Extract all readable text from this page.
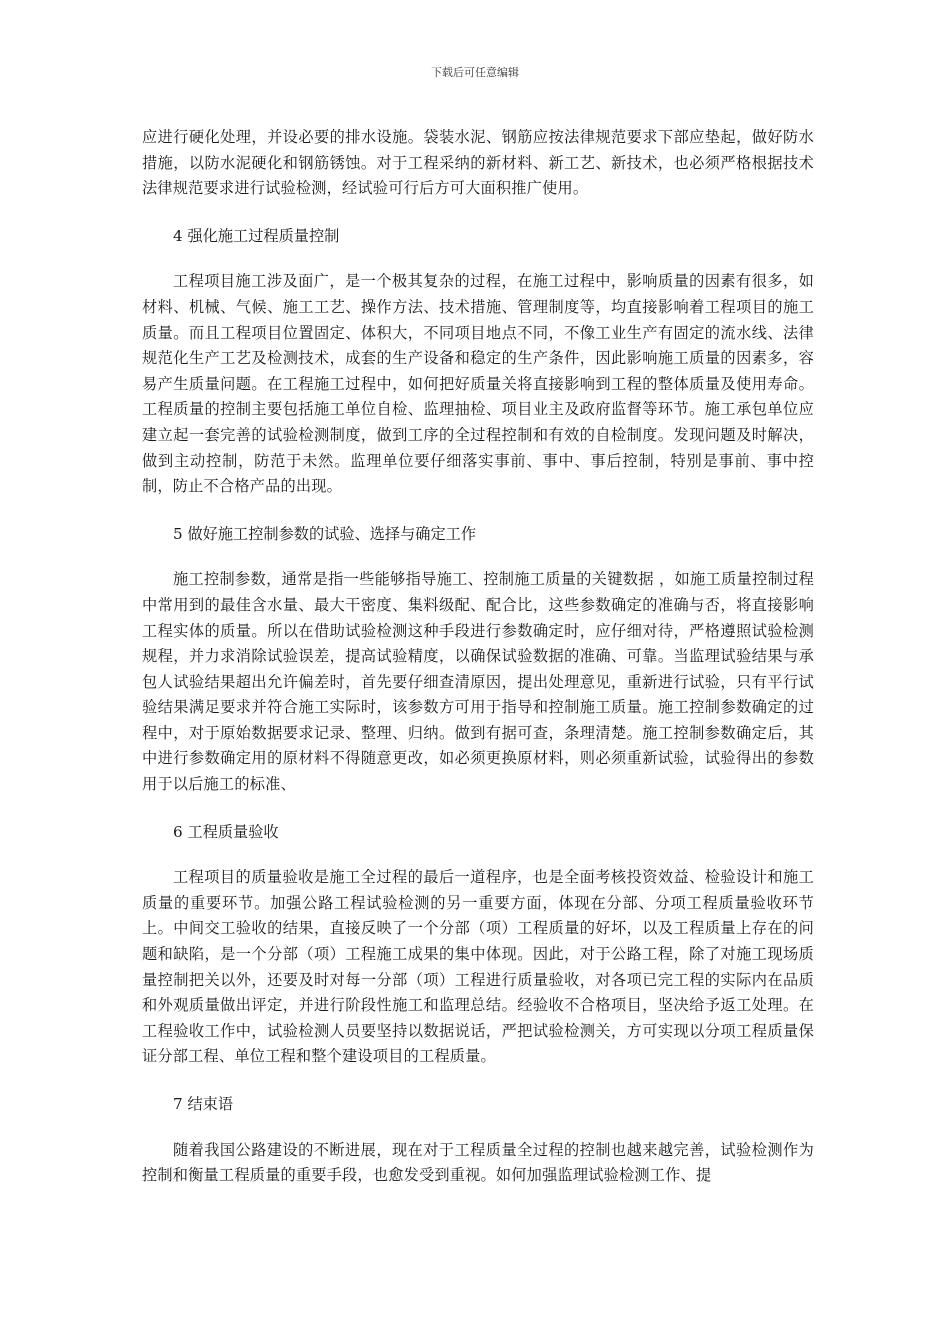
下载后可任意编辑

应进行硬化处理，并设必要的排水设施。袋装水泥、钢筋应按法律规范要求下部应垫起，做好防水措施，以防水泥硬化和钢筋锈蚀。对于工程采纳的新材料、新工艺、新技术，也必须严格根据技术法律规范要求进行试验检测，经试验可行后方可大面积推广使用。

4 强化施工过程质量控制

工程项目施工涉及面广，是一个极其复杂的过程，在施工过程中，影响质量的因素有很多，如材料、机械、气候、施工工艺、操作方法、技术措施、管理制度等，均直接影响着工程项目的施工质量。而且工程项目位置固定、体积大，不同项目地点不同，不像工业生产有固定的流水线、法律规范化生产工艺及检测技术，成套的生产设备和稳定的生产条件，因此影响施工质量的因素多，容易产生质量问题。在工程施工过程中，如何把好质量关将直接影响到工程的整体质量及使用寿命。工程质量的控制主要包括施工单位自检、监理抽检、项目业主及政府监督等环节。施工承包单位应建立起一套完善的试验检测制度，做到工序的全过程控制和有效的自检制度。发现问题及时解决，做到主动控制，防范于未然。监理单位要仔细落实事前、事中、事后控制，特别是事前、事中控制，防止不合格产品的出现。

5 做好施工控制参数的试验、选择与确定工作

施工控制参数，通常是指一些能够指导施工、控制施工质量的关键数据 ，如施工质量控制过程中常用到的最佳含水量、最大干密度、集料级配、配合比，这些参数确定的准确与否，将直接影响工程实体的质量。所以在借助试验检测这种手段进行参数确定时，应仔细对待，严格遵照试验检测规程，并力求消除试验误差，提高试验精度，以确保试验数据的准确、可靠。当监理试验结果与承包人试验结果超出允许偏差时，首先要仔细查清原因，提出处理意见，重新进行试验，只有平行试验结果满足要求并符合施工实际时，该参数方可用于指导和控制施工质量。施工控制参数确定的过程中，对于原始数据要求记录、整理、归纳。做到有据可查，条理清楚。施工控制参数确定后，其中进行参数确定用的原材料不得随意更改，如必须更换原材料，则必须重新试验，试验得出的参数用于以后施工的标准、

6 工程质量验收

工程项目的质量验收是施工全过程的最后一道程序，也是全面考核投资效益、检验设计和施工质量的重要环节。加强公路工程试验检测的另一重要方面，体现在分部、分项工程质量验收环节上。中间交工验收的结果，直接反映了一个分部（项）工程质量的好坏，以及工程质量上存在的问题和缺陷，是一个分部（项）工程施工成果的集中体现。因此，对于公路工程，除了对施工现场质量控制把关以外，还要及时对每一分部（项）工程进行质量验收，对各项已完工程的实际内在品质和外观质量做出评定，并进行阶段性施工和监理总结。经验收不合格项目，坚决给予返工处理。在工程验收工作中，试验检测人员要坚持以数据说话，严把试验检测关，方可实现以分项工程质量保证分部工程、单位工程和整个建设项目的工程质量。

7 结束语

随着我国公路建设的不断进展，现在对于工程质量全过程的控制也越来越完善，试验检测作为控制和衡量工程质量的重要手段，也愈发受到重视。如何加强监理试验检测工作、提
